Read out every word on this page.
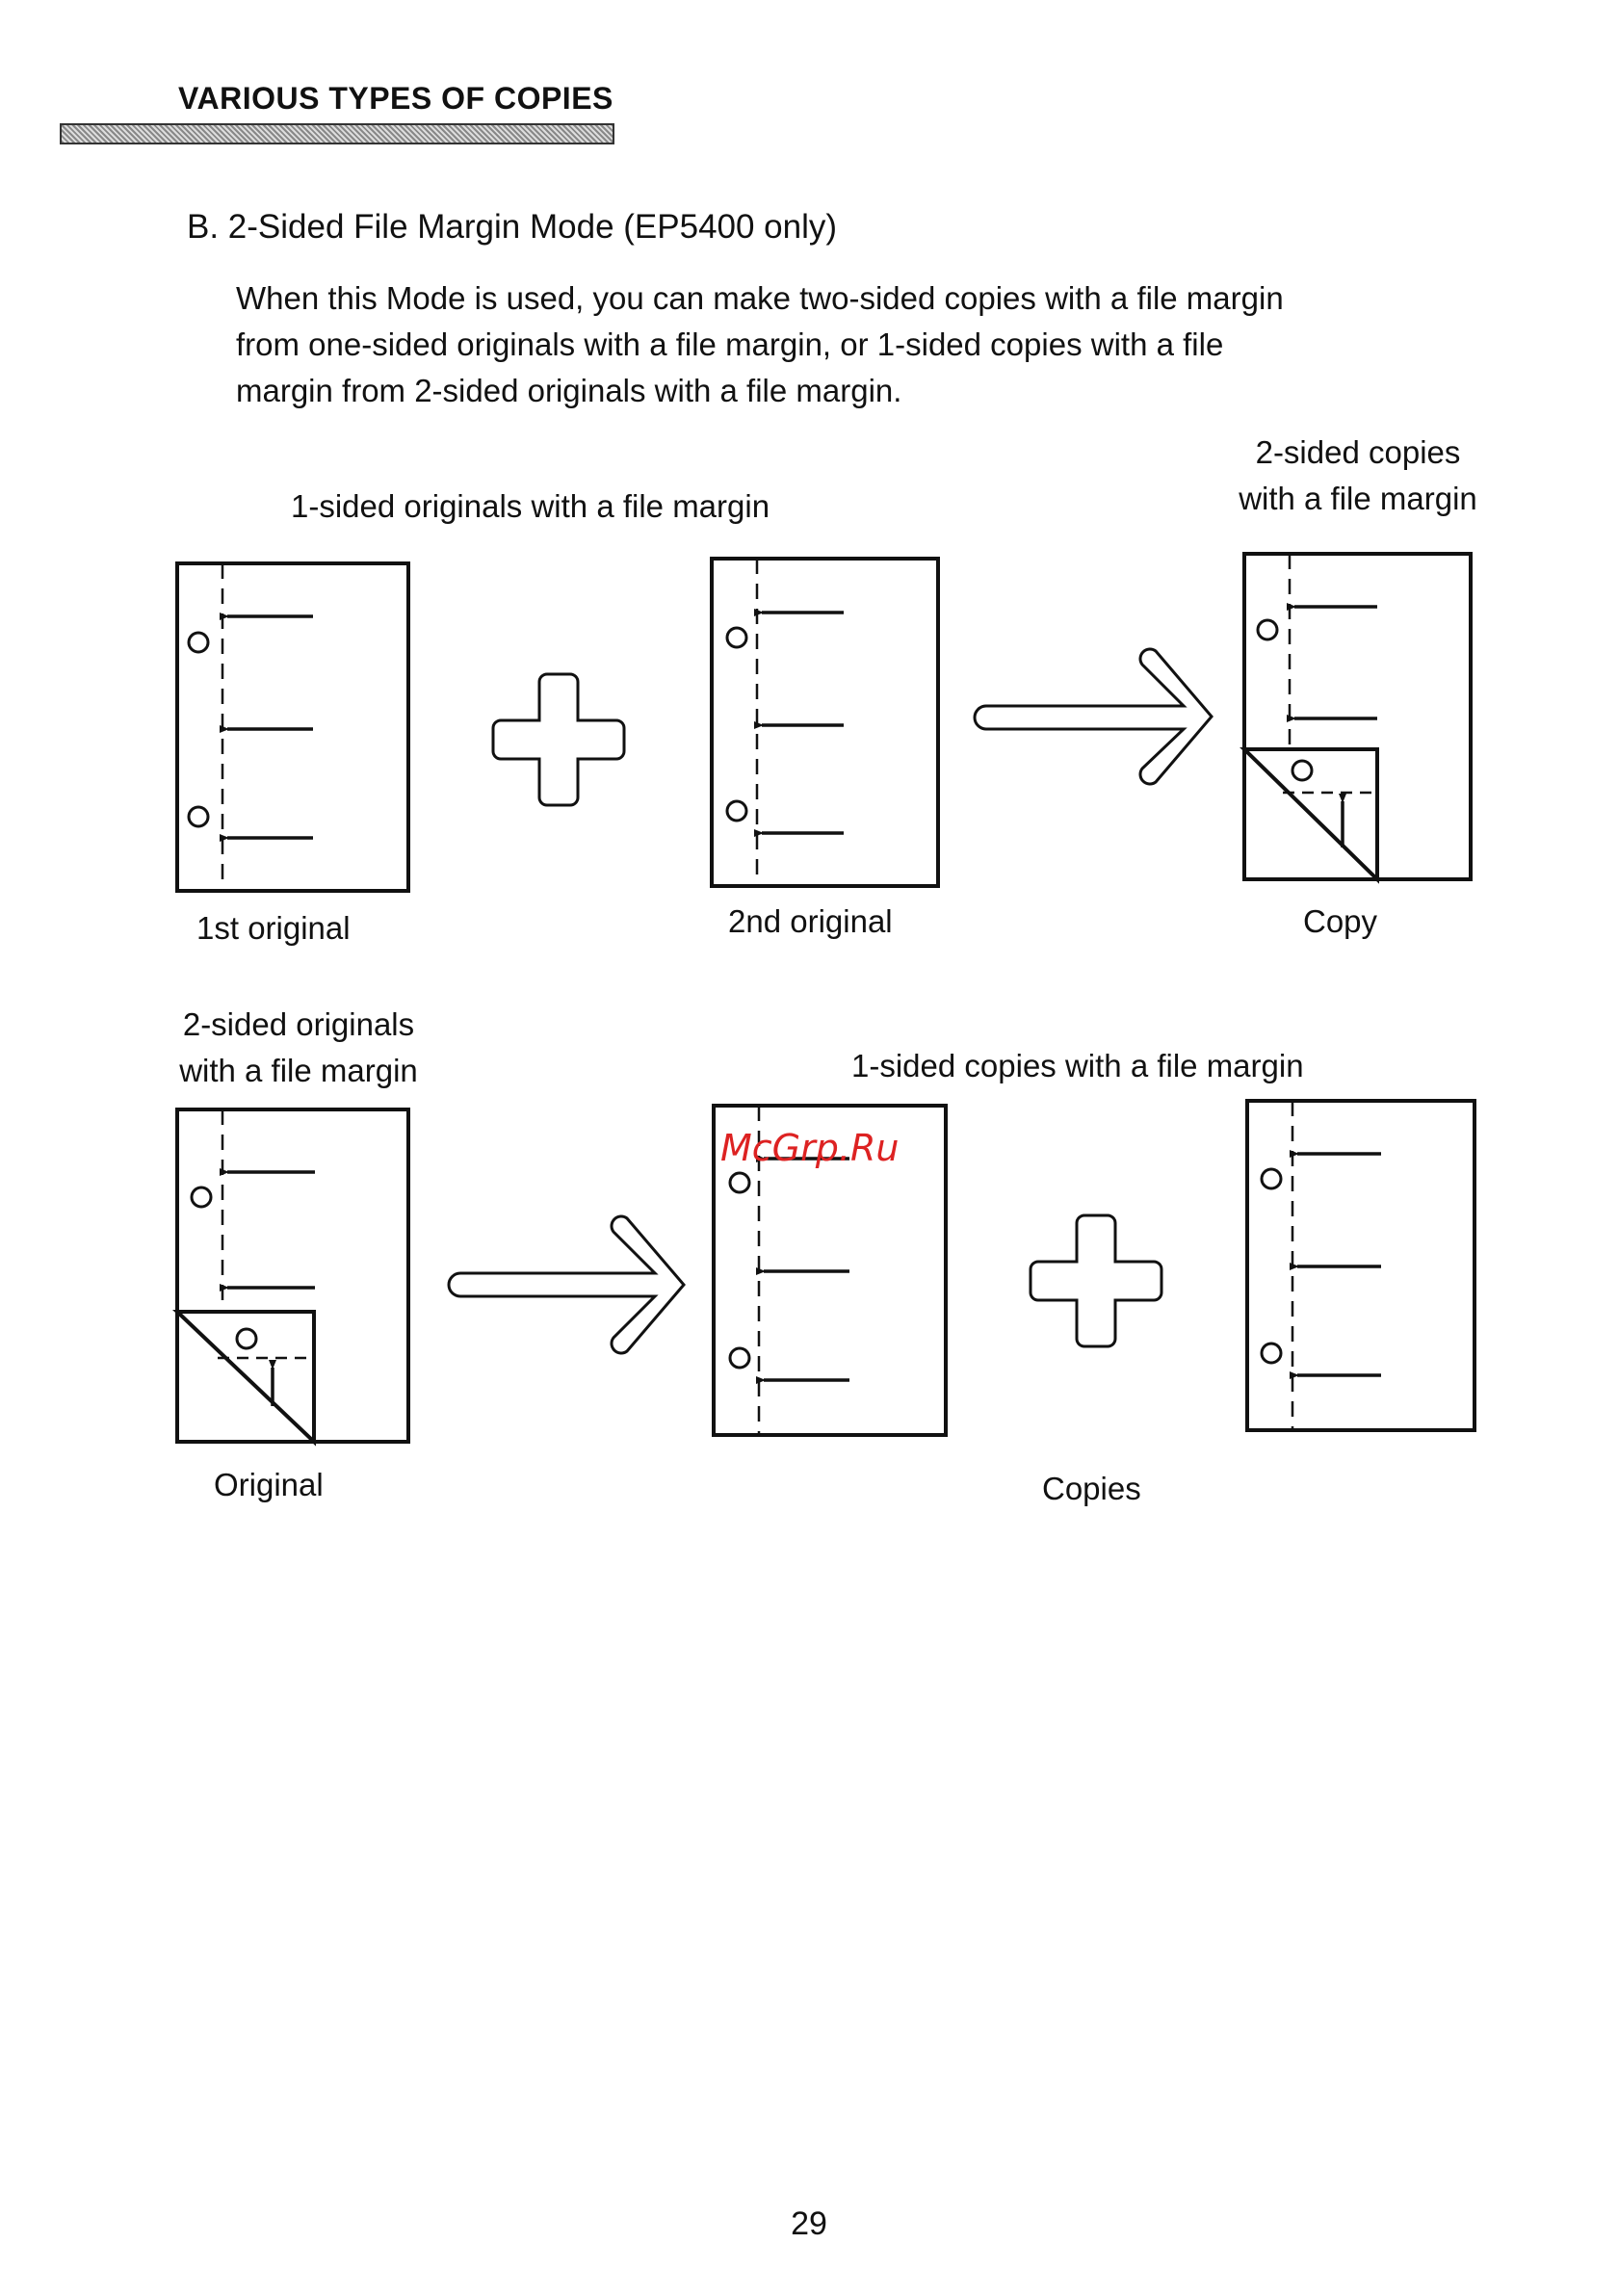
VARIOUS TYPES OF COPIES
B. 2-Sided File Margin Mode (EP5400 only)
When this Mode is used, you can make two-sided copies with a file margin
from one-sided originals with a file margin, or 1-sided copies with a file
margin from 2-sided originals with a file margin.
1-sided originals with a file margin
2-sided copies
with a file margin
1st original	2nd original	Copy
2-sided originals
with a file margin	1-sided copies with a file margin
Original	Copies
McGrp.Ru
29
